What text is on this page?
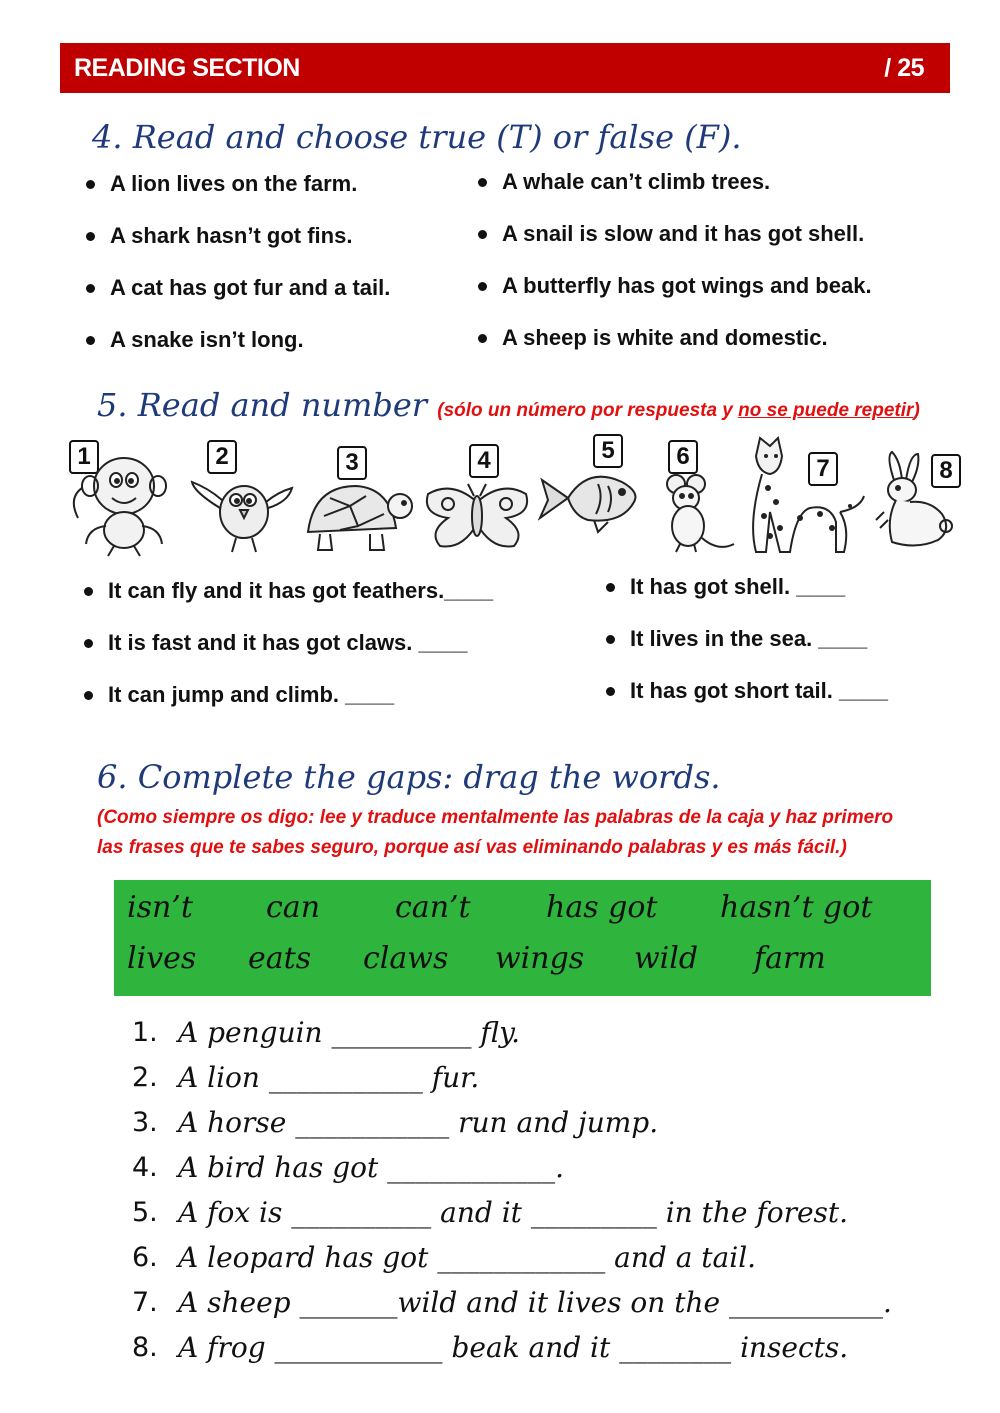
READING SECTION	/ 25
4. Read and choose true (T) or false (F).
A lion lives on the farm.
A shark hasn’t got fins.
A cat has got fur and a tail.
A snake isn’t long.
A whale can’t climb trees.
A snail is slow and it has got shell.
A butterfly has got wings and beak.
A sheep is white and domestic.
5. Read and number (sólo un número por respuesta y no se puede repetir)
1	2	3	4	5	6	7	8
It can fly and it has got feathers.____
It is fast and it has got claws. ____
It can jump and climb. ____
It has got shell. ____
It lives in the sea. ____
It has got short tail. ____
6. Complete the gaps: drag the words.
(Como siempre os digo: lee y traduce mentalmente las palabras de la caja y haz primero
las frases que te sabes seguro, porque así vas eliminando palabras y es más fácil.)
isn’t can can’t	has got hasn’t got
lives eats claws wings wild farm
1. A penguin __________ fly.
2. A lion ___________ fur.
3. A horse ___________ run and jump.
4. A bird has got ____________.
5. A fox is __________ and it _________ in the forest.
6. A leopard has got ____________ and a tail.
7. A sheep _______wild and it lives on the ___________.
8. A frog ____________ beak and it ________ insects.
